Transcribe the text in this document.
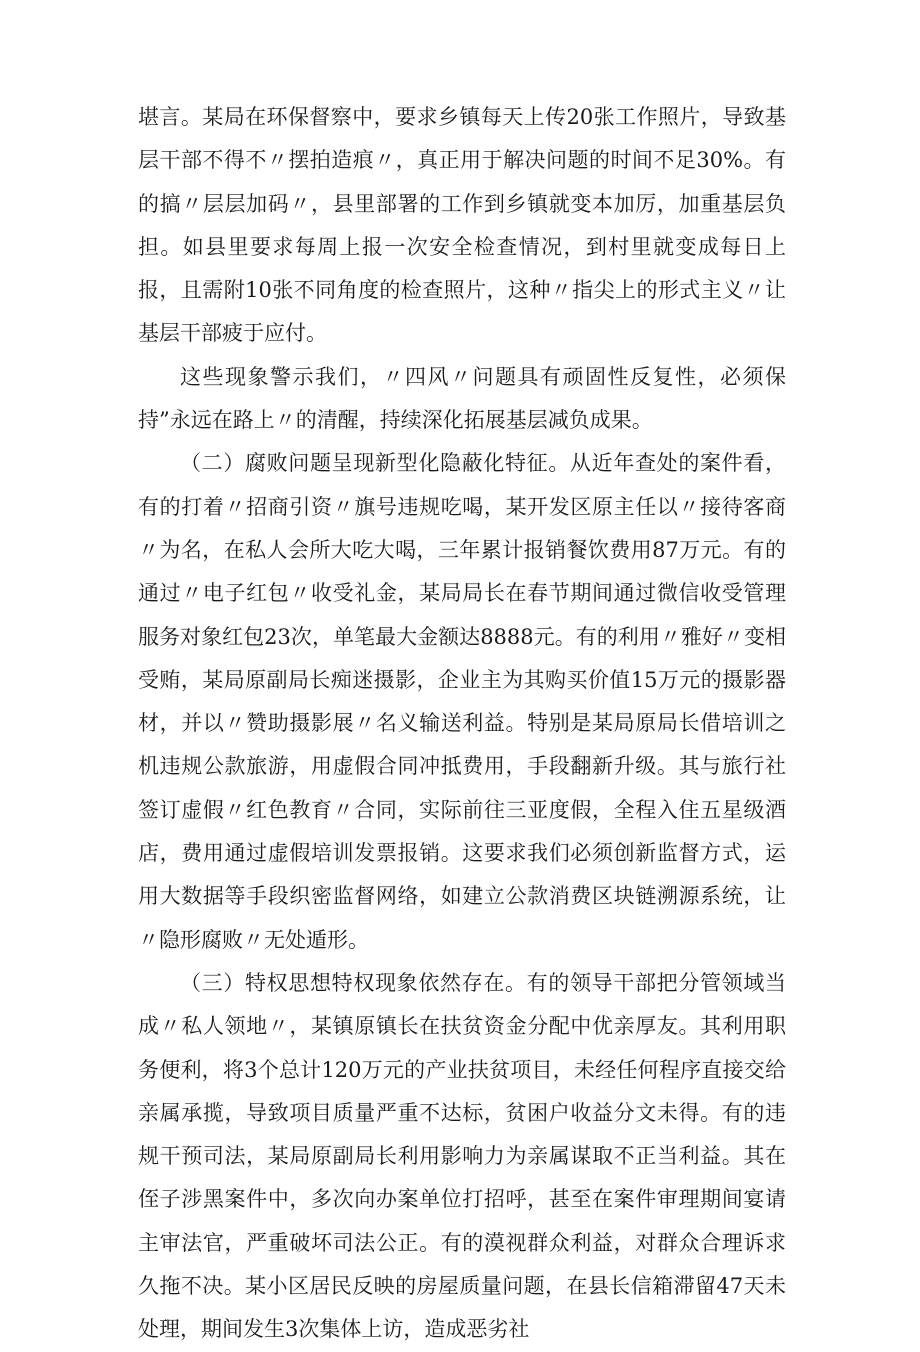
堪言。某局在环保督察中，要求乡镇每天上传20张工作照片，导致基层干部不得不〃摆拍造痕〃，真正用于解决问题的时间不足30%。有的搞〃层层加码〃，县里部署的工作到乡镇就变本加厉，加重基层负担。如县里要求每周上报一次安全检查情况，到村里就变成每日上报，且需附10张不同角度的检查照片，这种〃指尖上的形式主义〃让基层干部疲于应付。

这些现象警示我们，〃四风〃问题具有顽固性反复性，必须保持”永远在路上〃的清醒，持续深化拓展基层减负成果。

（二）腐败问题呈现新型化隐蔽化特征。从近年查处的案件看，有的打着〃招商引资〃旗号违规吃喝，某开发区原主任以〃接待客商〃为名，在私人会所大吃大喝，三年累计报销餐饮费用87万元。有的通过〃电子红包〃收受礼金，某局局长在春节期间通过微信收受管理服务对象红包23次，单笔最大金额达8888元。有的利用〃雅好〃变相受贿，某局原副局长痴迷摄影，企业主为其购买价值15万元的摄影器材，并以〃赞助摄影展〃名义输送利益。特别是某局原局长借培训之机违规公款旅游，用虚假合同冲抵费用，手段翻新升级。其与旅行社签订虚假〃红色教育〃合同，实际前往三亚度假，全程入住五星级酒店，费用通过虚假培训发票报销。这要求我们必须创新监督方式，运用大数据等手段织密监督网络，如建立公款消费区块链溯源系统，让〃隐形腐败〃无处遁形。

（三）特权思想特权现象依然存在。有的领导干部把分管领域当成〃私人领地〃，某镇原镇长在扶贫资金分配中优亲厚友。其利用职务便利，将3个总计120万元的产业扶贫项目，未经任何程序直接交给亲属承揽，导致项目质量严重不达标，贫困户收益分文未得。有的违规干预司法，某局原副局长利用影响力为亲属谋取不正当利益。其在侄子涉黑案件中，多次向办案单位打招呼，甚至在案件审理期间宴请主审法官，严重破坏司法公正。有的漠视群众利益，对群众合理诉求久拖不决。某小区居民反映的房屋质量问题，在县长信箱滞留47天未处理，期间发生3次集体上访，造成恶劣社
